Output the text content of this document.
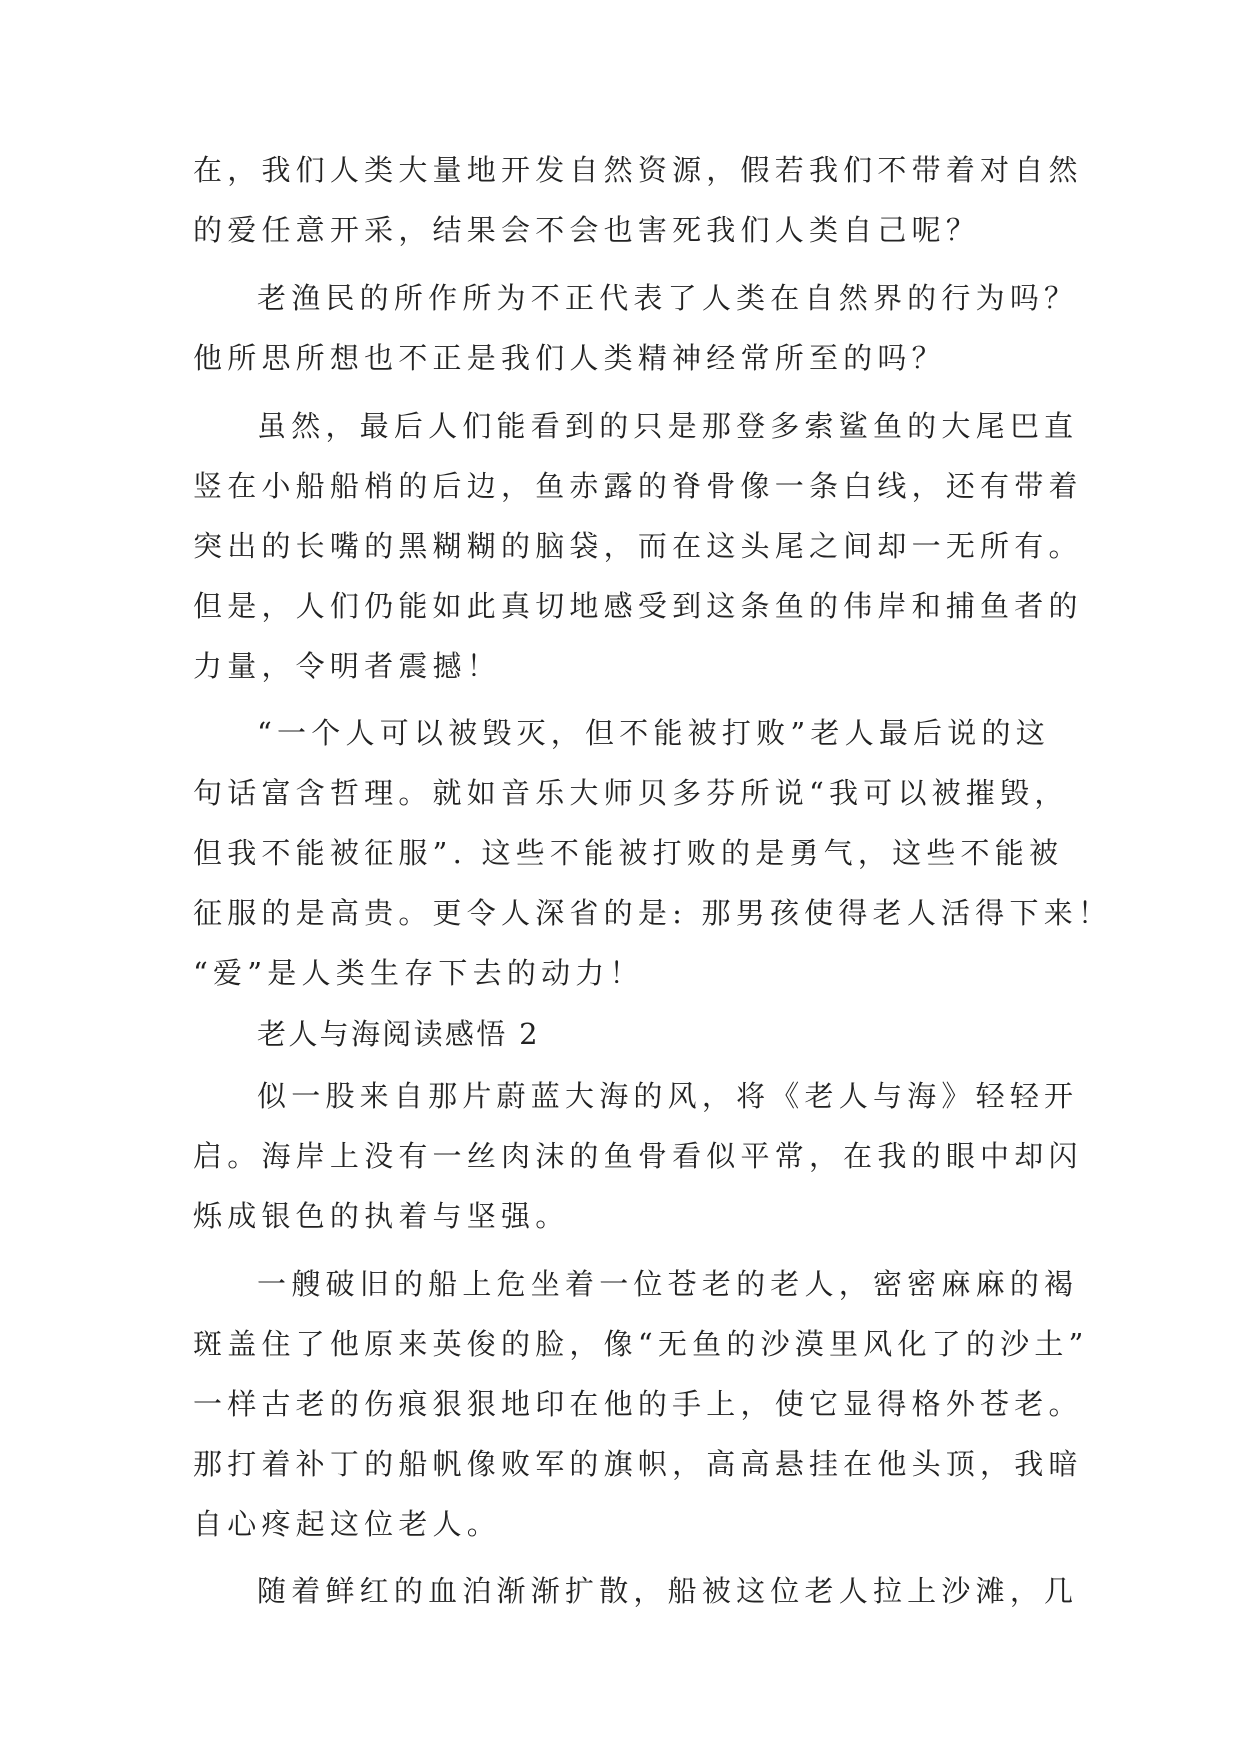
在，我们人类大量地开发自然资源，假若我们不带着对自然
的爱任意开采，结果会不会也害死我们人类自己呢？
老渔民的所作所为不正代表了人类在自然界的行为吗？
他所思所想也不正是我们人类精神经常所至的吗？
虽然，最后人们能看到的只是那登多索鲨鱼的大尾巴直
竖在小船船梢的后边，鱼赤露的脊骨像一条白线，还有带着
突出的长嘴的黑糊糊的脑袋，而在这头尾之间却一无所有。
但是，人们仍能如此真切地感受到这条鱼的伟岸和捕鱼者的
力量，令明者震撼！
“一个人可以被毁灭，但不能被打败”老人最后说的这
句话富含哲理。就如音乐大师贝多芬所说“我可以被摧毁，
但我不能被征服”. 这些不能被打败的是勇气，这些不能被
征服的是高贵。更令人深省的是: 那男孩使得老人活得下来！
“爱”是人类生存下去的动力！
老人与海阅读感悟 2
似一股来自那片蔚蓝大海的风，将《老人与海》轻轻开
启。海岸上没有一丝肉沫的鱼骨看似平常，在我的眼中却闪
烁成银色的执着与坚强。
一艘破旧的船上危坐着一位苍老的老人，密密麻麻的褐
斑盖住了他原来英俊的脸，像“无鱼的沙漠里风化了的沙土”
一样古老的伤痕狠狠地印在他的手上，使它显得格外苍老。
那打着补丁的船帆像败军的旗帜，高高悬挂在他头顶，我暗
自心疼起这位老人。
随着鲜红的血泊渐渐扩散，船被这位老人拉上沙滩，几
